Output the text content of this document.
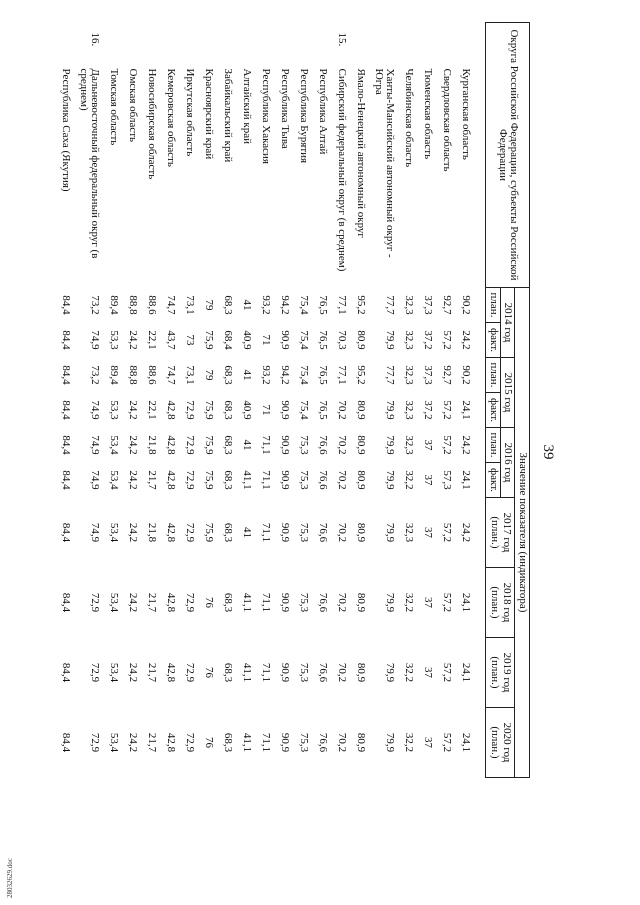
28032629.doc
39
Округа Российской Федерации, субъекты Российской Федерации		Значение показателя (индикатора)									
		2014 год		2015 год		2016 год		2017 год (план.)	2018 год (план.)	2019 год (план.)	2020 год (план.)
		план.	факт.	план.	факт.	план.	факт.				
	Курганская область	90,2	24,2	90,2	24,1	24,2	24,1	24,2	24,1	24,1	24,1
	Свердловская область	92,7	57,2	92,7	57,2	57,2	57,3	57,2	57,2	57,2	57,2
	Тюменская область	37,3	37,2	37,3	37,2	37	37	37	37	37	37
	Челябинская область	32,3	32,3	32,3	32,3	32,3	32,2	32,3	32,2	32,2	32,2
	Ханты-Мансийский автономный округ - Югра	77,7	79,9	77,7	79,9	79,9	79,9	79,9	79,9	79,9	79,9
	Ямало-Ненецкий автономный округ	95,2	80,9	95,2	80,9	80,9	80,9	80,9	80,9	80,9	80,9
15.	Сибирский федеральный округ (в среднем)	77,1	70,3	77,1	70,2	70,2	70,2	70,2	70,2	70,2	70,2
	Республика Алтай	76,5	76,5	76,5	76,5	76,6	76,6	76,6	76,6	76,6	76,6
	Республика Бурятия	75,4	75,4	75,4	75,4	75,3	75,3	75,3	75,3	75,3	75,3
	Республика Тыва	94,2	90,9	94,2	90,9	90,9	90,9	90,9	90,9	90,9	90,9
	Республика Хакасия	93,2	71	93,2	71	71,1	71,1	71,1	71,1	71,1	71,1
	Алтайский край	41	40,9	41	40,9	41	41,1	41	41,1	41,1	41,1
	Забайкальский край	68,3	68,4	68,3	68,3	68,3	68,3	68,3	68,3	68,3	68,3
	Красноярский край	79	75,9	79	75,9	75,9	75,9	75,9	76	76	76
	Иркутская область	73,1	73	73,1	72,9	72,9	72,9	72,9	72,9	72,9	72,9
	Кемеровская область	74,7	43,7	74,7	42,8	42,8	42,8	42,8	42,8	42,8	42,8
	Новосибирская область	88,6	22,1	88,6	22,1	21,8	21,7	21,8	21,7	21,7	21,7
	Омская область	88,8	24,2	88,8	24,2	24,2	24,2	24,2	24,2	24,2	24,2
	Томская область	89,4	53,3	89,4	53,3	53,4	53,4	53,4	53,4	53,4	53,4
16.	Дальневосточный федеральный округ (в среднем)	73,2	74,9	73,2	74,9	74,9	74,9	74,9	72,9	72,9	72,9
	Республика Саха (Якутия)	84,4	84,4	84,4	84,4	84,4	84,4	84,4	84,4	84,4	84,4
